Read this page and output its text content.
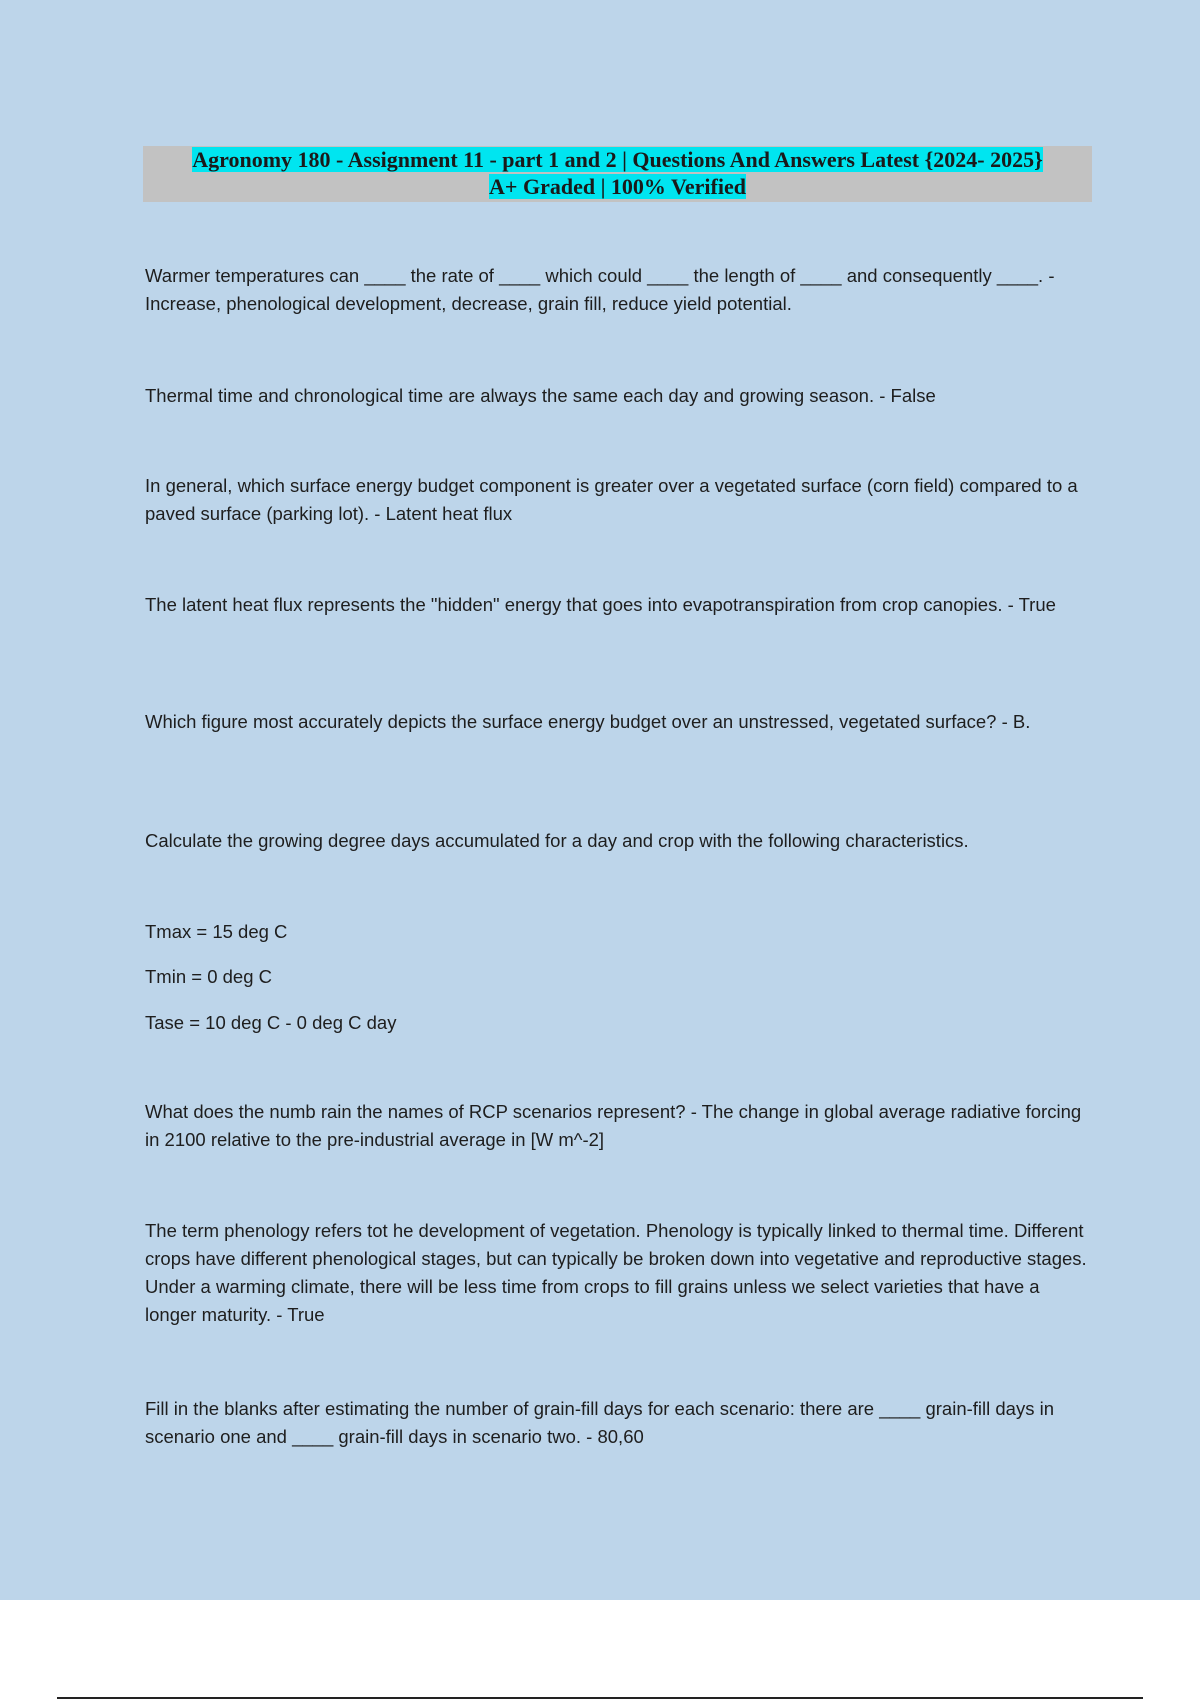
Agronomy 180 - Assignment 11 - part 1 and 2 | Questions And Answers Latest {2024- 2025}
A+ Graded | 100% Verified

Warmer temperatures can ____ the rate of ____ which could ____ the length of ____ and consequently ____. - Increase, phenological development, decrease, grain fill, reduce yield potential.

Thermal time and chronological time are always the same each day and growing season. - False

In general, which surface energy budget component is greater over a vegetated surface (corn field) compared to a paved surface (parking lot). - Latent heat flux

The latent heat flux represents the "hidden" energy that goes into evapotranspiration from crop canopies. - True

Which figure most accurately depicts the surface energy budget over an unstressed, vegetated surface? - B.

Calculate the growing degree days accumulated for a day and crop with the following characteristics.

Tmax = 15 deg C

Tmin = 0 deg C

Tase = 10 deg C - 0 deg C day

What does the numb rain the names of RCP scenarios represent? - The change in global average radiative forcing in 2100 relative to the pre-industrial average in [W m^-2]

The term phenology refers tot he development of vegetation. Phenology is typically linked to thermal time. Different crops have different phenological stages, but can typically be broken down into vegetative and reproductive stages. Under a warming climate, there will be less time from crops to fill grains unless we select varieties that have a longer maturity. - True

Fill in the blanks after estimating the number of grain-fill days for each scenario: there are ____ grain-fill days in scenario one and ____ grain-fill days in scenario two. - 80,60
